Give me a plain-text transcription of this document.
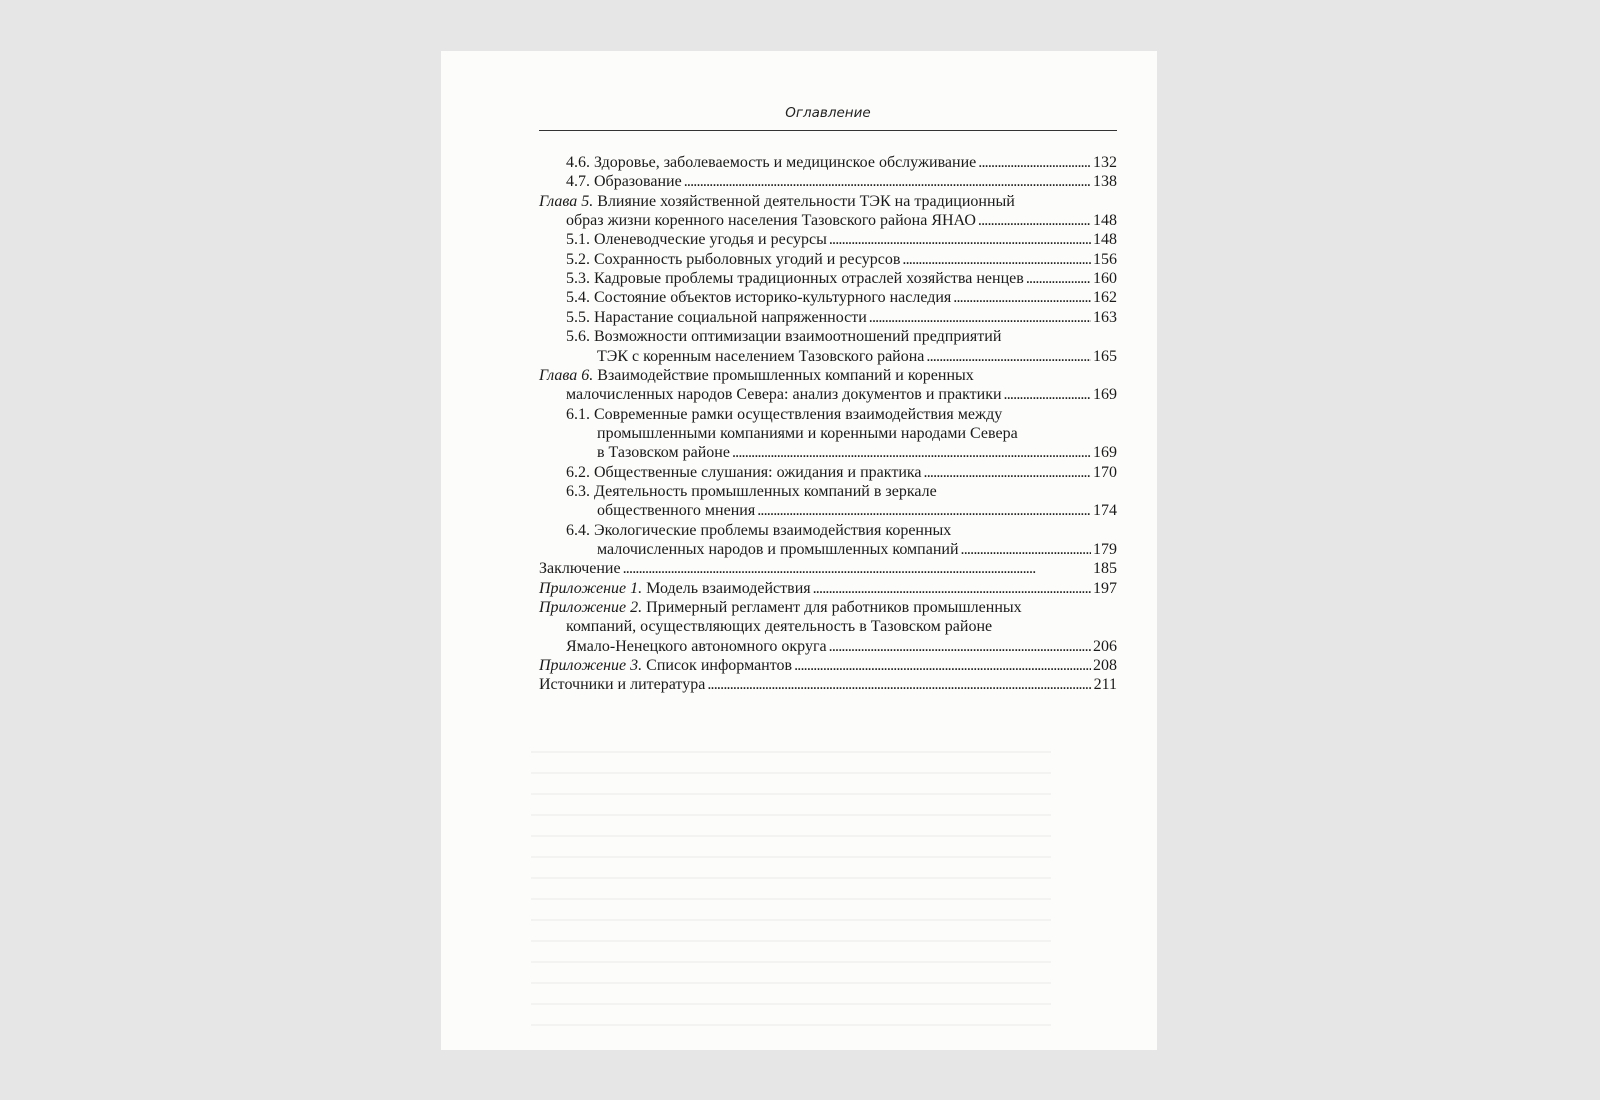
Оглавление
4.6. Здоровье, заболеваемость и медицинское обслуживание . . .	132
4.7. Образование . . .	138
Глава 5. Влияние хозяйственной деятельности ТЭК на традиционный
образ жизни коренного населения Тазовского района ЯНАО . . .	148
5.1. Оленеводческие угодья и ресурсы . . .	148
5.2. Сохранность рыболовных угодий и ресурсов . . .	156
5.3. Кадровые проблемы традиционных отраслей хозяйства ненцев . . .	160
5.4. Состояние объектов историко-культурного наследия . . .	162
5.5. Нарастание социальной напряженности . . .	163
5.6. Возможности оптимизации взаимоотношений предприятий
ТЭК с коренным населением Тазовского района . . .	165
Глава 6. Взаимодействие промышленных компаний и коренных
малочисленных народов Севера: анализ документов и практики . . .	169
6.1. Современные рамки осуществления взаимодействия между
промышленными компаниями и коренными народами Севера
в Тазовском районе . . .	169
6.2. Общественные слушания: ожидания и практика . . .	170
6.3. Деятельность промышленных компаний в зеркале
общественного мнения . . .	174
6.4. Экологические проблемы взаимодействия коренных
малочисленных народов и промышленных компаний . . .	179
Заключение . . .	185
Приложение 1.
Модель взаимодействия . . .	197
Приложение 2. Примерный регламент для работников промышленных
компаний, осуществляющих деятельность в Тазовском районе
Ямало-Ненецкого автономного округа . . .	206
Приложение 3.
Список информантов . . .	208
Источники и литература . . .	211
